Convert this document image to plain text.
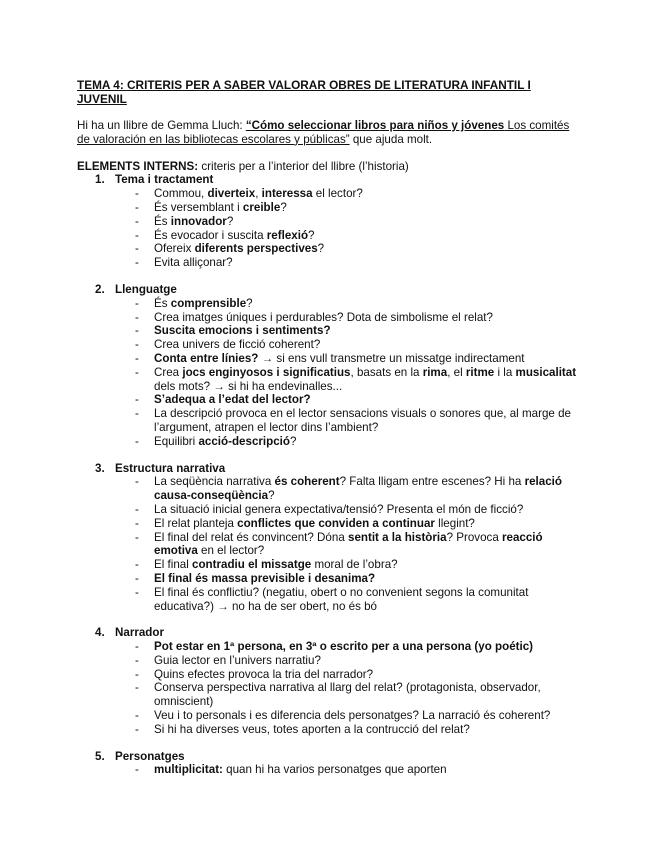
TEMA 4: CRITERIS PER A SABER VALORAR OBRES DE LITERATURA INFANTIL I JUVENIL

Hi ha un llibre de Gemma Lluch: “Cómo seleccionar libros para niños y jóvenes Los comités de valoración en las bibliotecas escolares y públicas” que ajuda molt.
ELEMENTS INTERNS: criteris per a l’interior del llibre (l’historia)
1. Tema i tractament
- Commou, diverteix, interessa el lector?
- És versemblant i creible?
- És innovador?
- És evocador i suscita reflexió?
- Ofereix diferents perspectives?
- Evita alliçonar?
2. Llenguatge
- És comprensible?
- Crea imatges úniques i perdurables? Dota de simbolisme el relat?
- Suscita emocions i sentiments?
- Crea univers de ficció coherent?
- Conta entre línies? → si ens vull transmetre un missatge indirectament
- Crea jocs enginyosos i significatius, basats en la rima, el ritme i la musicalitat dels mots? → si hi ha endevinalles...
- S’adequa a l’edat del lector?
- La descripció provoca en el lector sensacions visuals o sonores que, al marge de l’argument, atrapen el lector dins l’ambient?
- Equilibri acció-descripció?
3. Estructura narrativa
- La seqüència narrativa és coherent? Falta lligam entre escenes? Hi ha relació causa-conseqüència?
- La situació inicial genera expectativa/tensió? Presenta el món de ficció?
- El relat planteja conflictes que conviden a continuar llegint?
- El final del relat és convincent? Dóna sentit a la història? Provoca reacció emotiva en el lector?
- El final contradiu el missatge moral de l’obra?
- El final és massa previsible i desanima?
- El final és conflictiu? (negatiu, obert o no convenient segons la comunitat educativa?) → no ha de ser obert, no és bó
4. Narrador
- Pot estar en 1ª persona, en 3ª o escrito per a una persona (yo poétic)
- Guia lector en l’univers narratiu?
- Quins efectes provoca la tria del narrador?
- Conserva perspectiva narrativa al llarg del relat? (protagonista, observador, omniscient)
- Veu i to personals i es diferencia dels personatges? La narració és coherent?
- Si hi ha diverses veus, totes aporten a la contrucció del relat?
5. Personatges
- multiplicitat: quan hi ha varios personatges que aporten
